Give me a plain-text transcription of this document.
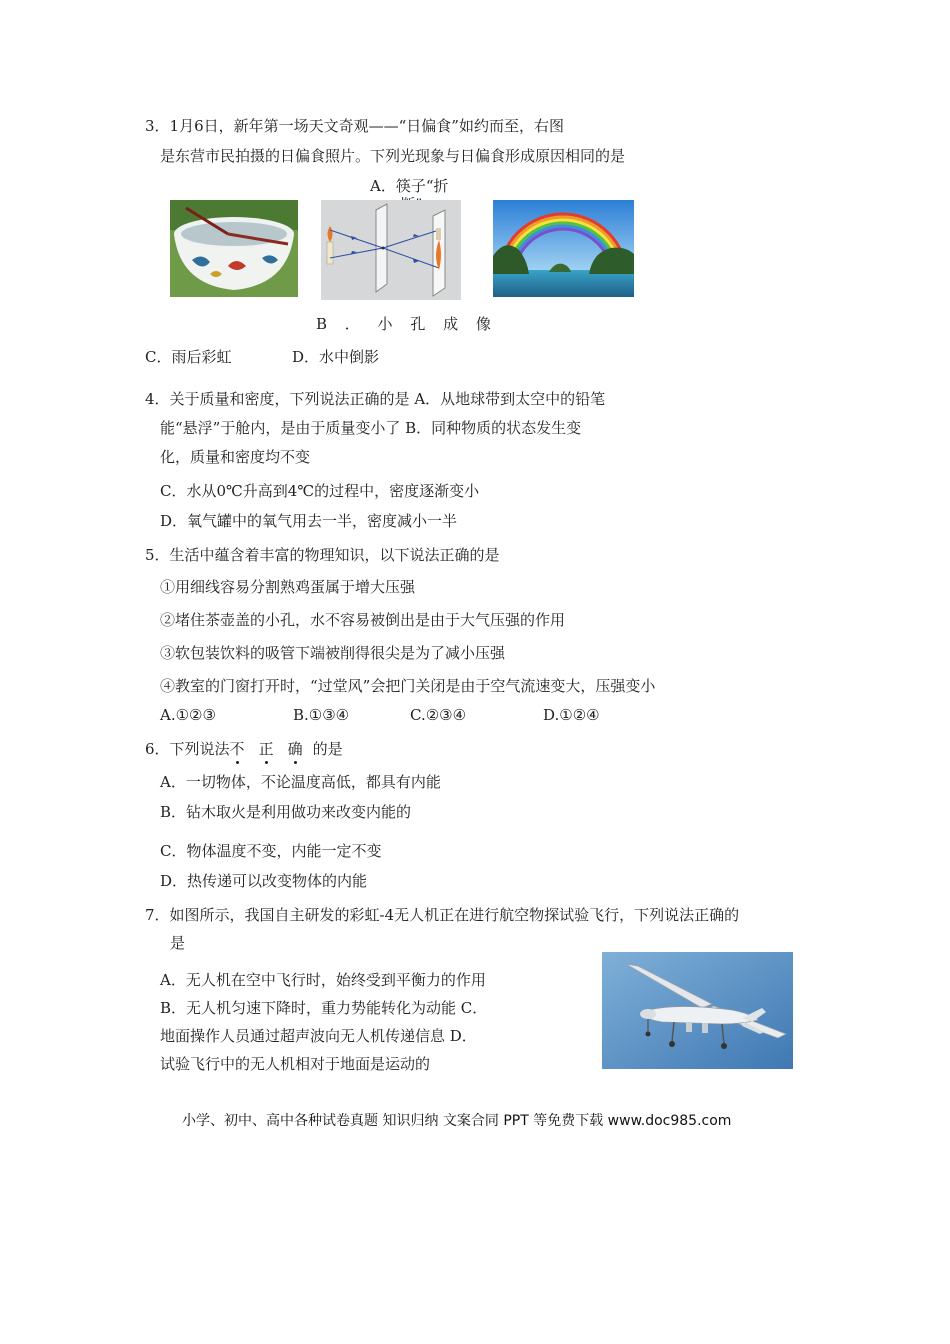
3．1月6日，新年第一场天文奇观——“日偏食”如约而至，右图
是东营市民拍摄的日偏食照片。下列光现象与日偏食形成原因相同的是
A．筷子“折
B ． 小 孔 成 像
C．雨后彩虹	D．水中倒影
4．关于质量和密度，下列说法正确的是 A．从地球带到太空中的铅笔
能“悬浮”于舱内，是由于质量变小了 B．同种物质的状态发生变
化，质量和密度均不变
C．水从0℃升高到4℃的过程中，密度逐渐变小
D．氧气罐中的氧气用去一半，密度减小一半
5．生活中蕴含着丰富的物理知识，以下说法正确的是
①用细线容易分割熟鸡蛋属于增大压强
②堵住茶壶盖的小孔，水不容易被倒出是由于大气压强的作用
③软包装饮料的吸管下端被削得很尖是为了减小压强
④教室的门窗打开时，“过堂风”会把门关闭是由于空气流速变大，压强变小
A.①②③	B.①③④	C.②③④	D.①②④
6．下列说法不 正 确 的是
A．一切物体，不论温度高低，都具有内能
B．钻木取火是利用做功来改变内能的
C．物体温度不变，内能一定不变
D．热传递可以改变物体的内能
7．如图所示，我国自主研发的彩虹-4无人机正在进行航空物探试验飞行，下列说法正确的
是
A．无人机在空中飞行时，始终受到平衡力的作用
B．无人机匀速下降时，重力势能转化为动能 C．
地面操作人员通过超声波向无人机传递信息 D．
试验飞行中的无人机相对于地面是运动的
小学、初中、高中各种试卷真题 知识归纳 文案合同 PPT 等免费下载 www.doc985.com
